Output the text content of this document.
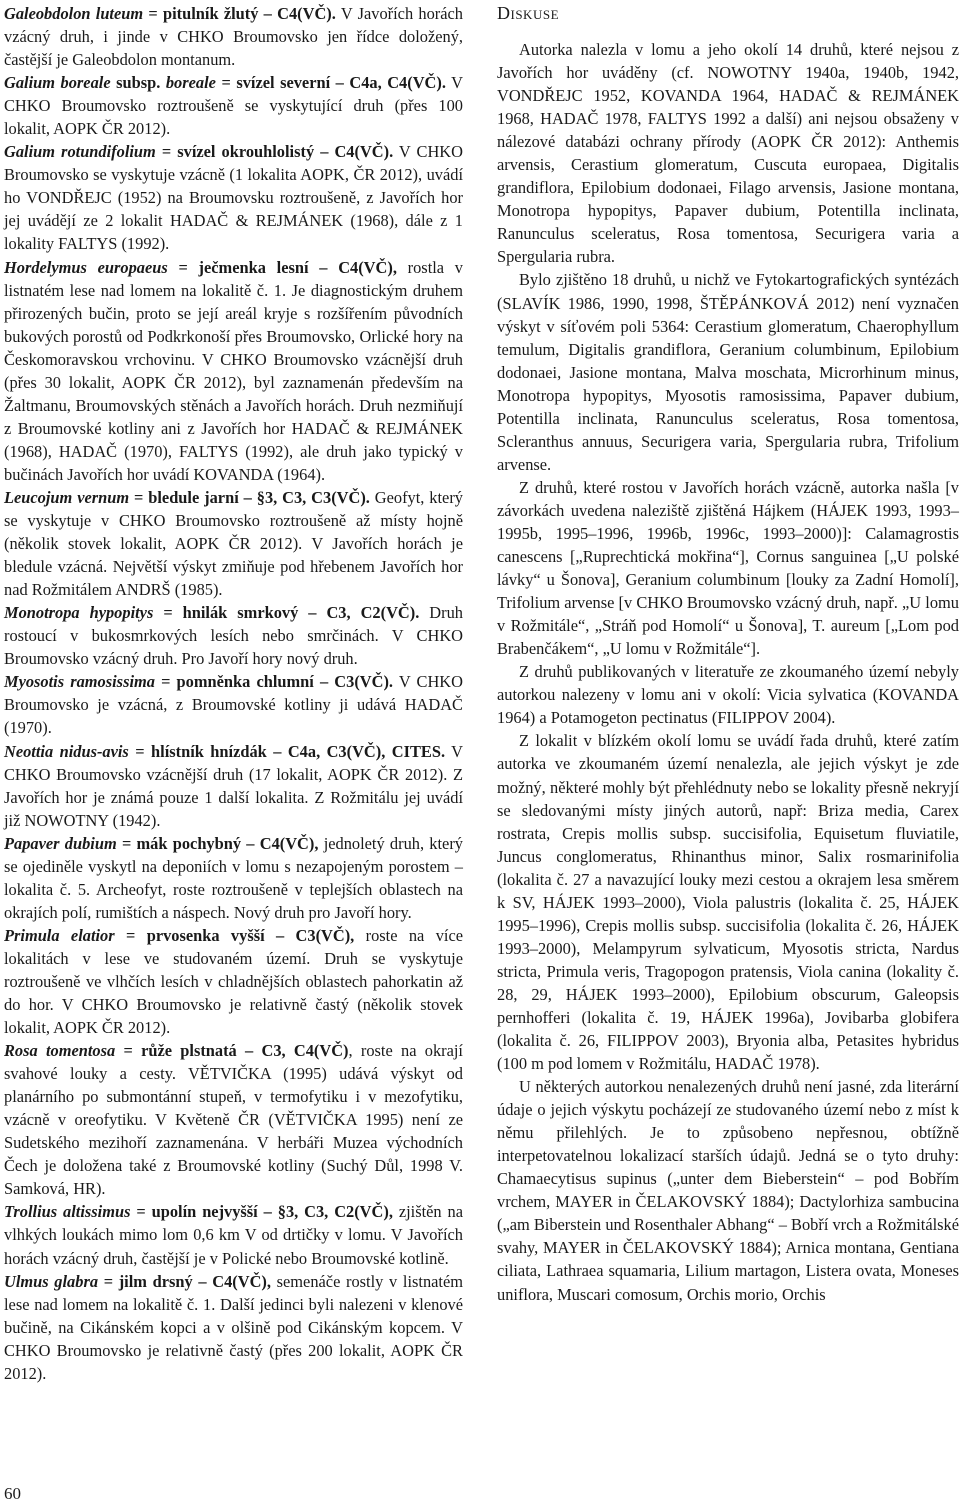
Galeobdolon luteum = pitulník žlutý – C4(VČ). V Javořích horách vzácný druh, i jinde v CHKO Broumovsko jen řídce doložený, častější je Galeobdolon montanum.

Galium boreale subsp. boreale = svízel severní – C4a, C4(VČ). V CHKO Broumovsko roztroušeně se vyskytující druh (přes 100 lokalit, AOPK ČR 2012).

Galium rotundifolium = svízel okrouhlolistý – C4(VČ). V CHKO Broumovsko se vyskytuje vzácně (1 lokalita AOPK, ČR 2012), uvádí ho VONDŘEJC (1952) na Broumovsku roztroušeně, z Javořích hor jej uvádějí ze 2 lokalit HADAČ & REJMÁNEK (1968), dále z 1 lokality FALTYS (1992).

Hordelymus europaeus = ječmenka lesní – C4(VČ), rostla v listnatém lese nad lomem na lokalitě č. 1. Je diagnostickým druhem přirozených bučin, proto se její areál kryje s rozšířením původních bukových porostů od Podkrkonoší přes Broumovsko, Orlické hory na Českomoravskou vrchovinu. V CHKO Broumovsko vzácnější druh (přes 30 lokalit, AOPK ČR 2012), byl zaznamenán především na Žaltmanu, Broumovských stěnách a Javořích horách. Druh nezmiňují z Broumovské kotliny ani z Javořích hor HADAČ & REJMÁNEK (1968), HADAČ (1970), FALTYS (1992), ale druh jako typický v bučinách Javořích hor uvádí KOVANDA (1964).

Leucojum vernum = bledule jarní – §3, C3, C3(VČ). Geofyt, který se vyskytuje v CHKO Broumovsko roztroušeně až místy hojně (několik stovek lokalit, AOPK ČR 2012). V Javořích horách je bledule vzácná. Největší výskyt zmiňuje pod hřebenem Javořích hor nad Rožmitálem ANDRŠ (1985).

Monotropa hypopitys = hnilák smrkový – C3, C2(VČ). Druh rostoucí v bukosmrkových lesích nebo smrčinách. V CHKO Broumovsko vzácný druh. Pro Javoří hory nový druh.

Myosotis ramosissima = pomněnka chlumní – C3(VČ). V CHKO Broumovsko je vzácná, z Broumovské kotliny ji udává HADAČ (1970).

Neottia nidus-avis = hlístník hnízdák – C4a, C3(VČ), CITES. V CHKO Broumovsko vzácnější druh (17 lokalit, AOPK ČR 2012). Z Javořích hor je známá pouze 1 další lokalita. Z Rožmitálu jej uvádí již NOWOTNY (1942).

Papaver dubium = mák pochybný – C4(VČ), jednoletý druh, který se ojediněle vyskytl na deponiích v lomu s nezapojeným porostem – lokalita č. 5. Archeofyt, roste roztroušeně v teplejších oblastech na okrajích polí, rumištích a náspech. Nový druh pro Javoří hory.

Primula elatior = prvosenka vyšší – C3(VČ), roste na více lokalitách v lese ve studovaném území. Druh se vyskytuje roztroušeně ve vlhčích lesích v chladnějších oblastech pahorkatin až do hor. V CHKO Broumovsko je relativně častý (několik stovek lokalit, AOPK ČR 2012).

Rosa tomentosa = růže plstnatá – C3, C4(VČ), roste na okrají svahové louky a cesty. VĚTVIČKA (1995) udává výskyt od planárního po submontánní stupeň, v termofytiku i v mezofytiku, vzácně v oreofytiku. V Květeně ČR (VĚTVIČKA 1995) není ze Sudetského mezihoří zaznamenána. V herbáři Muzea východních Čech je doložena také z Broumovské kotliny (Suchý Důl, 1998 V. Samková, HR).

Trollius altissimus = upolín nejvyšší – §3, C3, C2(VČ), zjištěn na vlhkých loukách mimo lom 0,6 km V od drtičky v lomu. V Javořích horách vzácný druh, častější je v Polické nebo Broumovské kotlině.

Ulmus glabra = jilm drsný – C4(VČ), semenáče rostly v listnatém lese nad lomem na lokalitě č. 1. Další jedinci byli nalezeni v klenové bučině, na Cikánském kopci a v olšině pod Cikánským kopcem. V CHKO Broumovsko je relativně častý (přes 200 lokalit, AOPK ČR 2012).

Diskuse

Autorka nalezla v lomu a jeho okolí 14 druhů, které nejsou z Javořích hor uváděny (cf. NOWOTNY 1940a, 1940b, 1942, VONDŘEJC 1952, KOVANDA 1964, HADAČ & REJMÁNEK 1968, HADAČ 1978, FALTYS 1992 a další) ani nejsou obsaženy v nálezové databázi ochrany přírody (AOPK ČR 2012): Anthemis arvensis, Cerastium glomeratum, Cuscuta europaea, Digitalis grandiflora, Epilobium dodonaei, Filago arvensis, Jasione montana, Monotropa hypopitys, Papaver dubium, Potentilla inclinata, Ranunculus sceleratus, Rosa tomentosa, Securigera varia a Spergularia rubra.

Bylo zjištěno 18 druhů, u nichž ve Fytokartografických syntézách (SLAVÍK 1986, 1990, 1998, ŠTĚPÁNKOVÁ 2012) není vyznačen výskyt v síťovém poli 5364: Cerastium glomeratum, Chaerophyllum temulum, Digitalis grandiflora, Geranium columbinum, Epilobium dodonaei, Jasione montana, Malva moschata, Microrhinum minus, Monotropa hypopitys, Myosotis ramosissima, Papaver dubium, Potentilla inclinata, Ranunculus sceleratus, Rosa tomentosa, Scleranthus annuus, Securigera varia, Spergularia rubra, Trifolium arvense.

Z druhů, které rostou v Javořích horách vzácně, autorka našla [v závorkách uvedena naleziště zjištěná Hájkem (HÁJEK 1993, 1993–1995b, 1995–1996, 1996b, 1996c, 1993–2000)]: Calamagrostis canescens [„Ruprechtická mokřina“], Cornus sanguinea [„U polské lávky“ u Šonova], Geranium columbinum [louky za Zadní Homolí], Trifolium arvense [v CHKO Broumovsko vzácný druh, např. „U lomu v Rožmitále“, „Stráň pod Homolí“ u Šonova], T. aureum [„Lom pod Brabenčákem“, „U lomu v Rožmitále“].

Z druhů publikovaných v literatuře ze zkoumaného území nebyly autorkou nalezeny v lomu ani v okolí: Vicia sylvatica (KOVANDA 1964) a Potamogeton pectinatus (FILIPPOV 2004).

Z lokalit v blízkém okolí lomu se uvádí řada druhů, které zatím autorka ve zkoumaném území nenalezla, ale jejich výskyt je zde možný, některé mohly být přehlédnuty nebo se lokality přesně nekryjí se sledovanými místy jiných autorů, např: Briza media, Carex rostrata, Crepis mollis subsp. succisifolia, Equisetum fluviatile, Juncus conglomeratus, Rhinanthus minor, Salix rosmarinifolia (lokalita č. 27 a navazující louky mezi cestou a okrajem lesa směrem k SV, HÁJEK 1993–2000), Viola palustris (lokalita č. 25, HÁJEK 1995–1996), Crepis mollis subsp. succisifolia (lokalita č. 26, HÁJEK 1993–2000), Melampyrum sylvaticum, Myosotis stricta, Nardus stricta, Primula veris, Tragopogon pratensis, Viola canina (lokality č. 28, 29, HÁJEK 1993–2000), Epilobium obscurum, Galeopsis pernhofferi (lokalita č. 19, HÁJEK 1996a), Jovibarba globifera (lokalita č. 26, FILIPPOV 2003), Bryonia alba, Petasites hybridus (100 m pod lomem v Rožmitálu, HADAČ 1978).

U některých autorkou nenalezených druhů není jasné, zda literární údaje o jejich výskytu pocházejí ze studovaného území nebo z míst k němu přilehlých. Je to způsobeno nepřesnou, obtížně interpetovatelnou lokalizací starších údajů. Jedná se o tyto druhy: Chamaecytisus supinus („unter dem Bieberstein“ – pod Bobřím vrchem, MAYER in ČELAKOVSKÝ 1884); Dactylorhiza sambucina („am Biberstein und Rosenthaler Abhang“ – Bobří vrch a Rožmitálské svahy, MAYER in ČELAKOVSKÝ 1884); Arnica montana, Gentiana ciliata, Lathraea squamaria, Lilium martagon, Listera ovata, Moneses uniflora, Muscari comosum, Orchis morio, Orchis

60
